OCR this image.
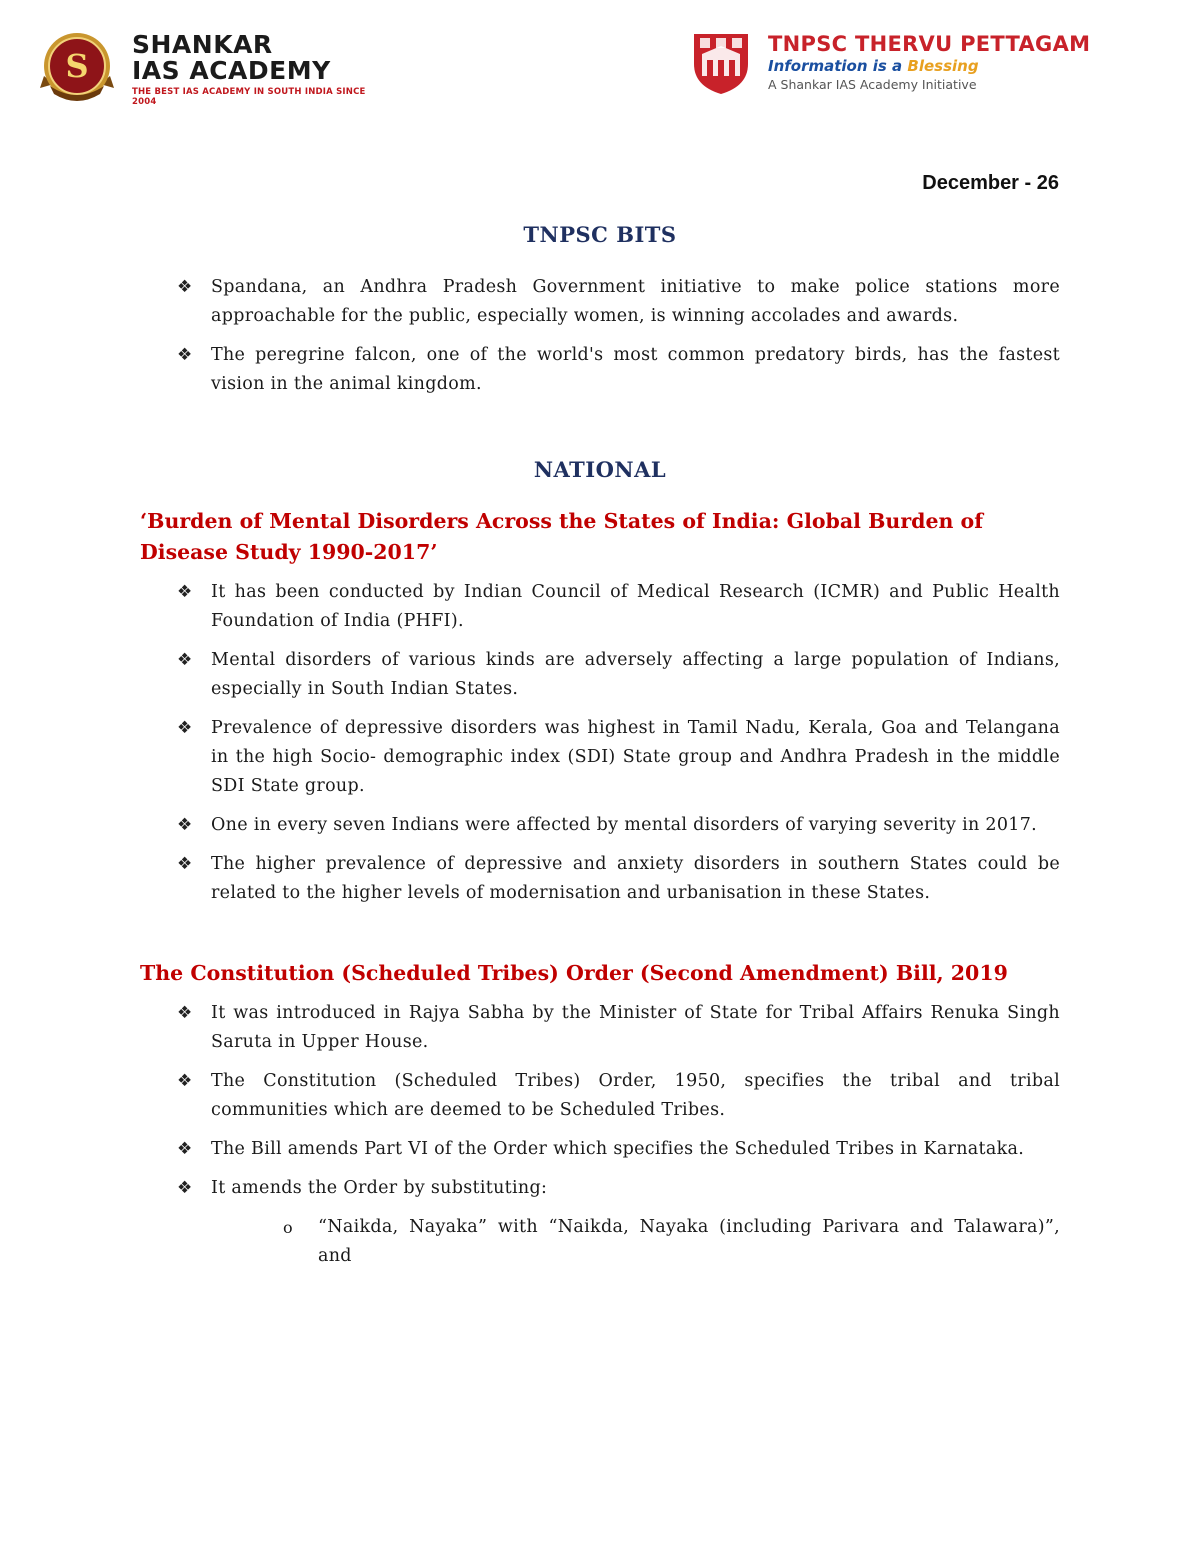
S
SHANKAR
IAS ACADEMY
THE BEST IAS ACADEMY IN SOUTH INDIA SINCE 2004
TNPSC THERVU PETTAGAM
Information is a Blessing
A Shankar IAS Academy Initiative
December - 26
TNPSC BITS
❖ Spandana, an Andhra Pradesh Government initiative to make police stations more approachable for the public, especially women, is winning accolades and awards.
❖ The peregrine falcon, one of the world's most common predatory birds, has the fastest vision in the animal kingdom.
NATIONAL
‘Burden of Mental Disorders Across the States of India: Global Burden of Disease Study 1990-2017’
❖ It has been conducted by Indian Council of Medical Research (ICMR) and Public Health Foundation of India (PHFI).
❖ Mental disorders of various kinds are adversely affecting a large population of Indians, especially in South Indian States.
❖ Prevalence of depressive disorders was highest in Tamil Nadu, Kerala, Goa and Telangana in the high Socio- demographic index (SDI) State group and Andhra Pradesh in the middle SDI State group.
❖ One in every seven Indians were affected by mental disorders of varying severity in 2017.
❖ The higher prevalence of depressive and anxiety disorders in southern States could be related to the higher levels of modernisation and urbanisation in these States.
The Constitution (Scheduled Tribes) Order (Second Amendment) Bill, 2019
❖ It was introduced in Rajya Sabha by the Minister of State for Tribal Affairs Renuka Singh Saruta in Upper House.
❖ The Constitution (Scheduled Tribes) Order, 1950, specifies the tribal and tribal communities which are deemed to be Scheduled Tribes.
❖ The Bill amends Part VI of the Order which specifies the Scheduled Tribes in Karnataka.
❖ It amends the Order by substituting:
o “Naikda, Nayaka” with “Naikda, Nayaka (including Parivara and Talawara)”, and
